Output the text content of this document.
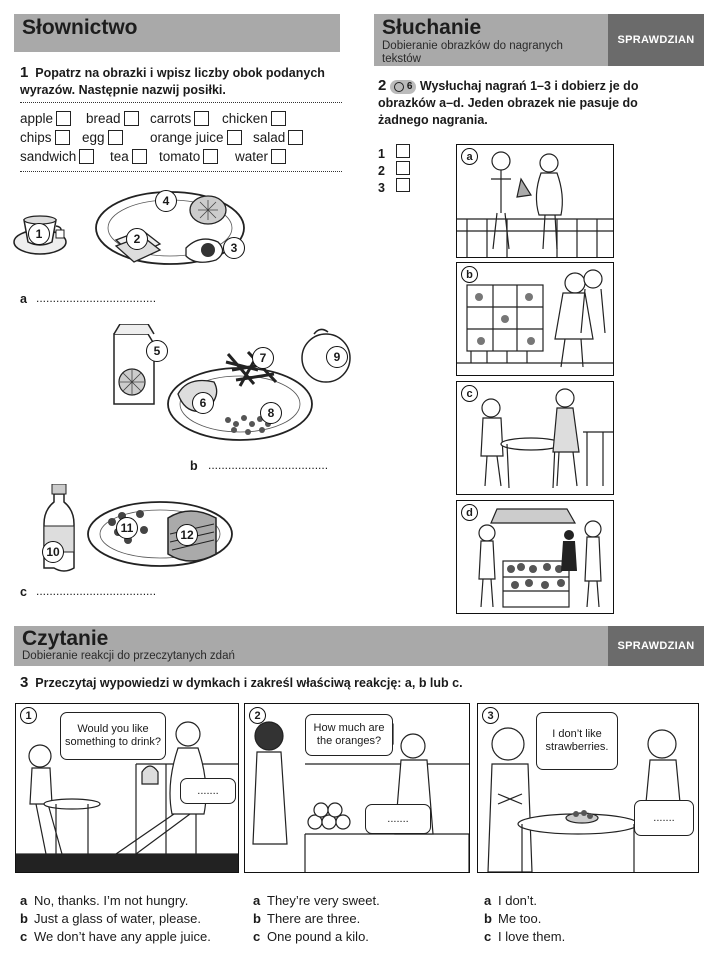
Słownictwo
1 Popatrz na obrazki i wpisz liczby obok podanych wyrazów. Następnie nazwij posiłki.
apple bread carrots chicken
chips egg	orange juice salad
sandwich tea tomato	water
1	2
3
4
a ....................................
5
6
7
8
9
b ....................................
10
11	12
c ....................................
Słuchanie
Dobieranie obrazków do nagranych tekstów
SPRAWDZIAN
2 6 Wysłuchaj nagrań 1–3 i dobierz je do obrazków a–d. Jeden obrazek nie pasuje do żadnego nagrania.
1
2
3
a
b
c
d
Czytanie
Dobieranie reakcji do przeczytanych zdań
SPRAWDZIAN
3 Przeczytaj wypowiedzi w dymkach i zakreśl właściwą reakcję: a, b lub c.
1
Would you like something to drink?
.......
2
How much are the oranges?
.......
3
I don’t like strawberries.
.......
a No, thanks. I’m not hungry.
b Just a glass of water, please.
c We don’t have any apple juice.
a They’re very sweet.
b There are three.
c One pound a kilo.
a I don’t.
b Me too.
c I love them.
